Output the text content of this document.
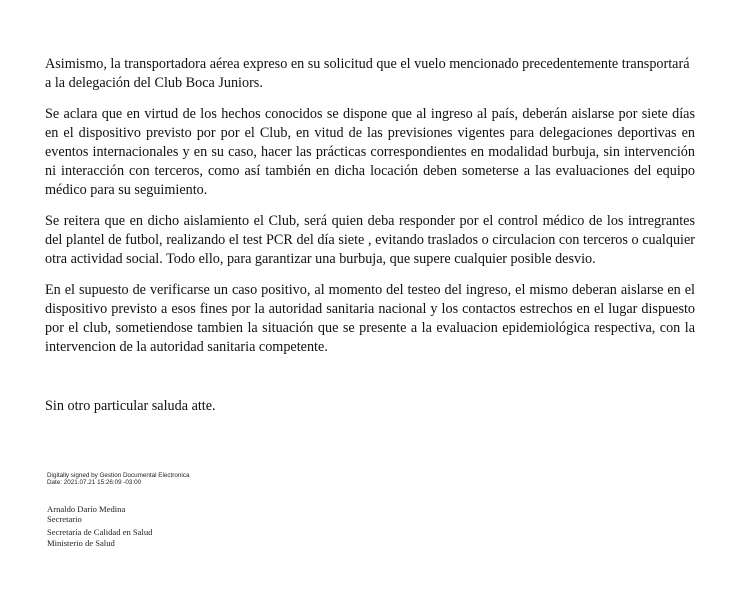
Asimismo, la transportadora aérea expreso en su solicitud que el vuelo mencionado precedentemente transportará a la delegación del Club Boca Juniors.

Se aclara que en virtud de los hechos conocidos se dispone que al ingreso al país, deberán aislarse por siete días en el dispositivo previsto por por el Club, en vitud de las previsiones vigentes para delegaciones deportivas en eventos internacionales y en su caso, hacer las prácticas correspondientes en modalidad burbuja, sin intervención ni interacción con terceros, como así también en dicha locación deben someterse a las evaluaciones del equipo médico para su seguimiento.

Se reitera que en dicho aislamiento el Club, será quien deba responder por el control médico de los intregrantes del plantel de futbol, realizando el test PCR del día siete , evitando traslados o circulacion con terceros o cualquier otra actividad social. Todo ello, para garantizar una burbuja, que supere cualquier posible desvio.

En el supuesto de verificarse un caso positivo, al momento del testeo del ingreso, el mismo deberan aislarse en el dispositivo previsto a esos fines por la autoridad sanitaria nacional y los contactos estrechos en el lugar dispuesto por el club, sometiendose tambien la situación que se presente a la evaluacion epidemiológica respectiva, con la intervencion de la autoridad sanitaria competente.

Sin otro particular saluda atte.

Digitally signed by Gestion Documental Electronica
Date: 2021.07.21 15:26:09 -03:00
Arnaldo Darío Medina
Secretario
Secretaría de Calidad en Salud
Ministerio de Salud
